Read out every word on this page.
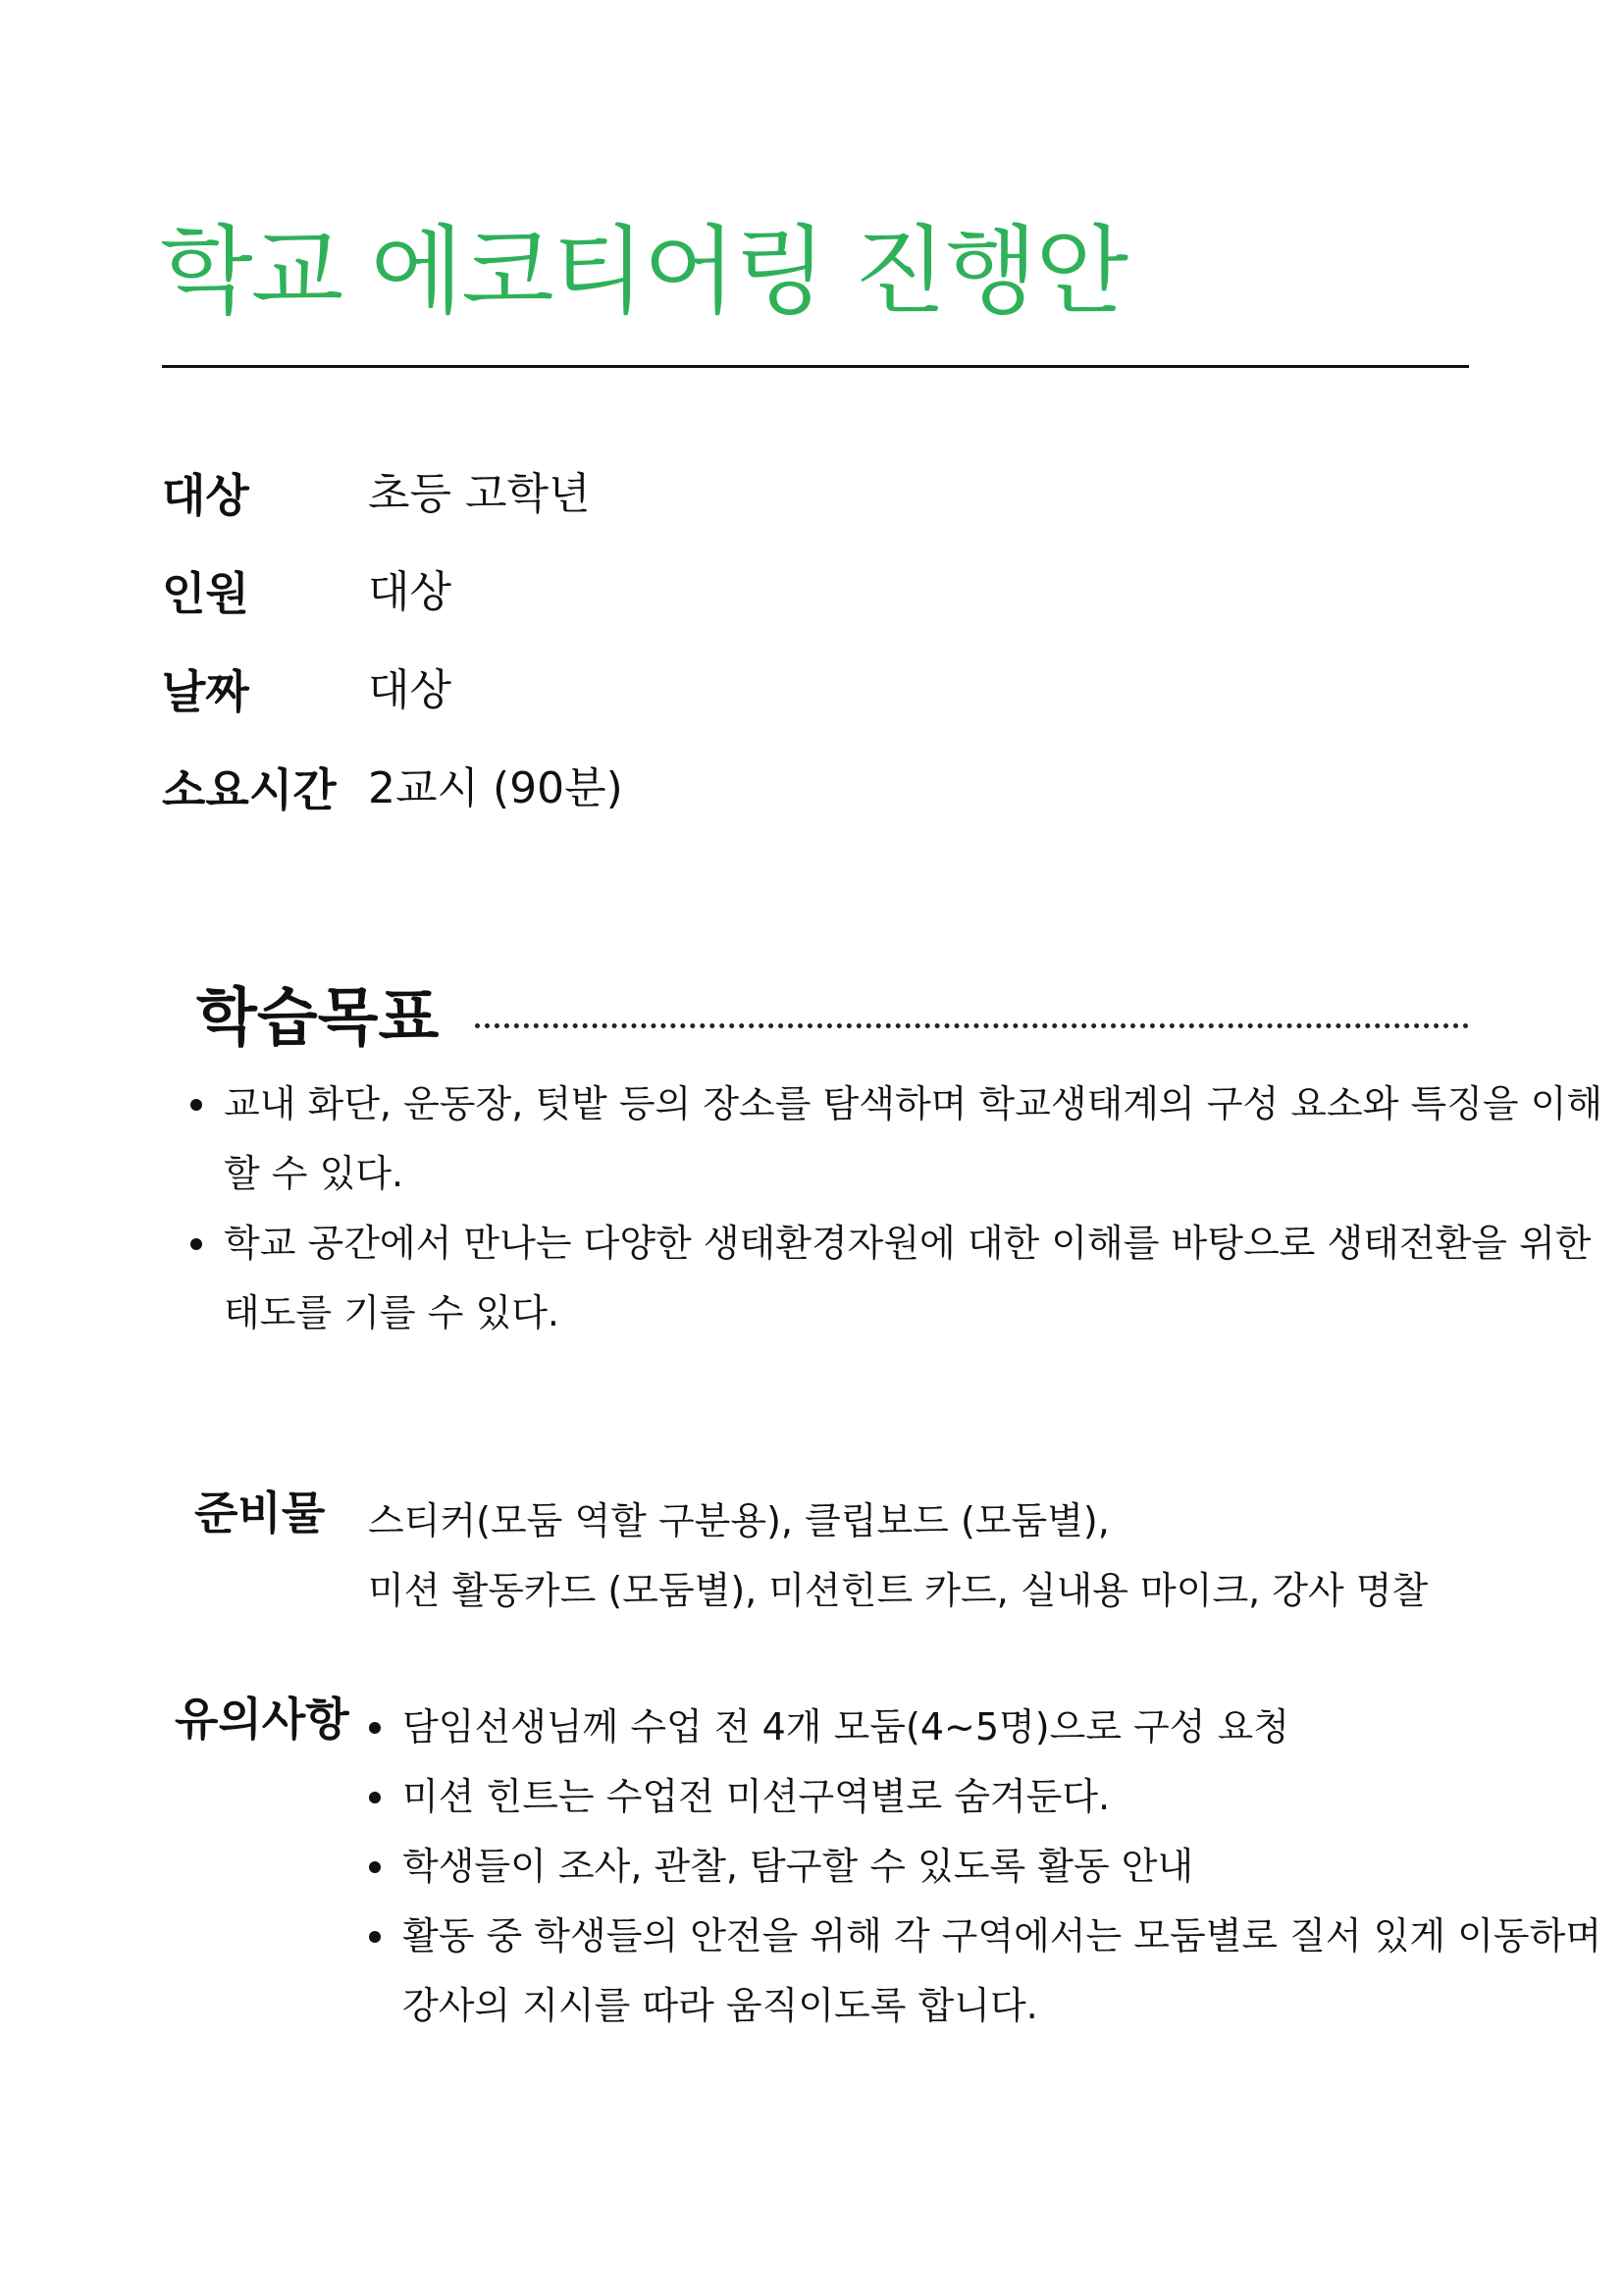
학교 에코티어링 진행안
대상	초등 고학년
인원	대상
날짜	대상
소요시간 2교시 (90분)
학습목표
교내 화단, 운동장, 텃밭 등의 장소를 탐색하며 학교생태계의 구성 요소와 특징을 이해
할 수 있다.
학교 공간에서 만나는 다양한 생태환경자원에 대한 이해를 바탕으로 생태전환을 위한
태도를 기를 수 있다.
준비물 스티커(모둠 역할 구분용), 클립보드 (모둠별),
미션 활동카드 (모둠별), 미션힌트 카드, 실내용 마이크, 강사 명찰
유의사항 담임선생님께 수업 전 4개 모둠(4~5명)으로 구성 요청
미션 힌트는 수업전 미션구역별로 숨겨둔다.
학생들이 조사, 관찰, 탐구할 수 있도록 활동 안내
활동 중 학생들의 안전을 위해 각 구역에서는 모둠별로 질서 있게 이동하며
강사의 지시를 따라 움직이도록 합니다.
